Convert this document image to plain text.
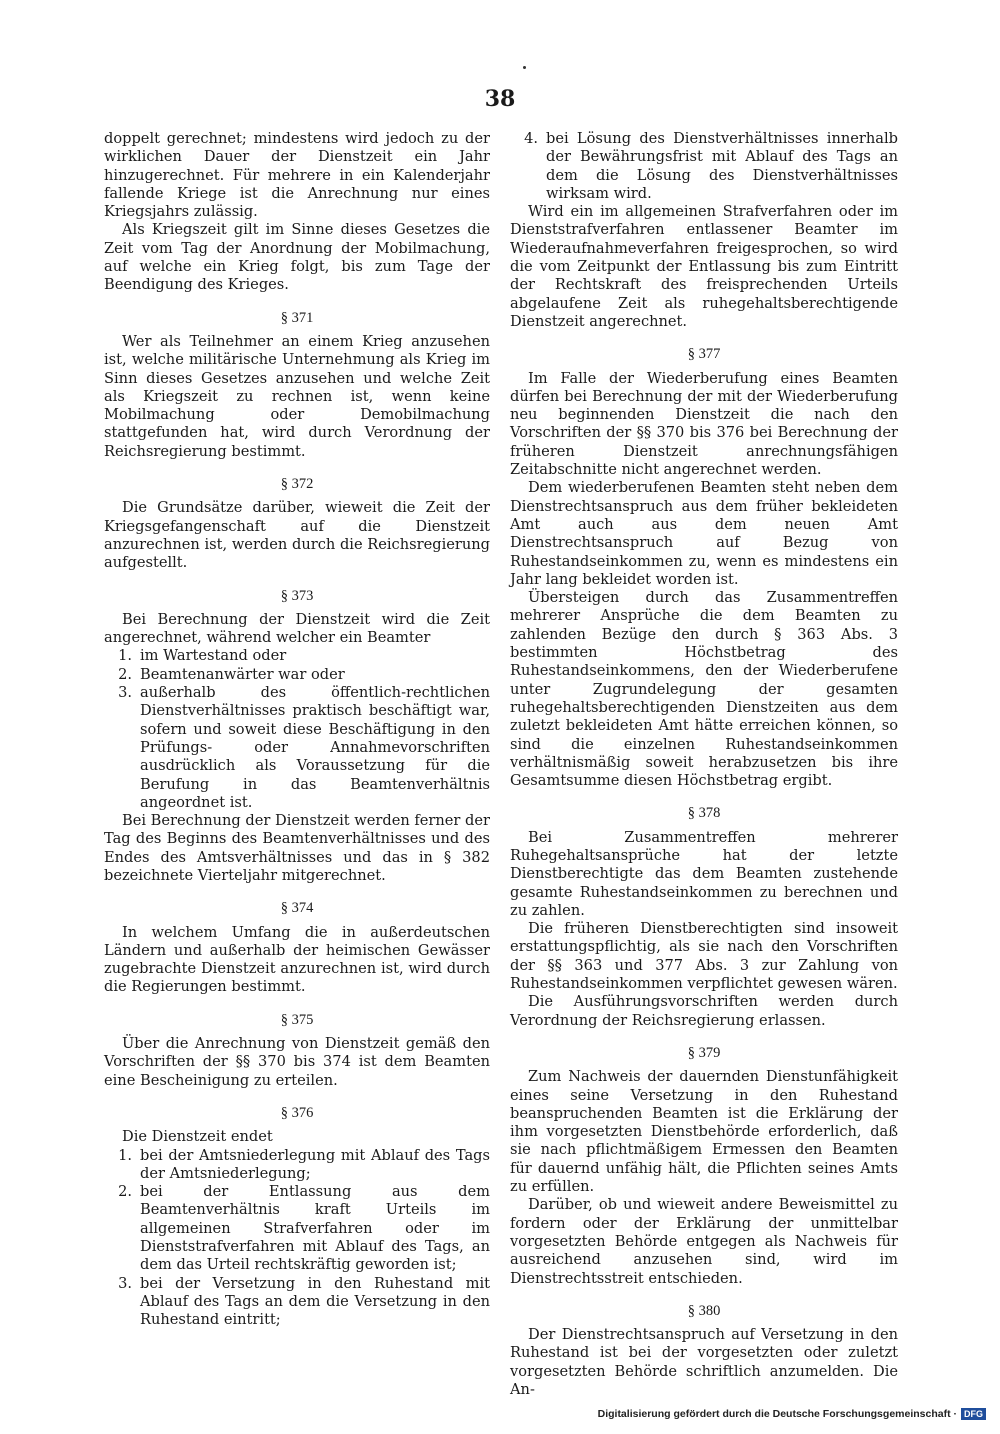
38

doppelt gerechnet; mindestens wird jedoch zu der wirklichen Dauer der Dienstzeit ein Jahr hinzugerechnet. Für mehrere in ein Kalenderjahr fallende Kriege ist die Anrechnung nur eines Kriegsjahrs zulässig.

Als Kriegszeit gilt im Sinne dieses Gesetzes die Zeit vom Tag der Anordnung der Mobilmachung, auf welche ein Krieg folgt, bis zum Tage der Beendigung des Krieges.

§ 371

Wer als Teilnehmer an einem Krieg anzusehen ist, welche militärische Unternehmung als Krieg im Sinn dieses Gesetzes anzusehen und welche Zeit als Kriegszeit zu rechnen ist, wenn keine Mobilmachung oder Demobilmachung stattgefunden hat, wird durch Verordnung der Reichsregierung bestimmt.

§ 372

Die Grundsätze darüber, wieweit die Zeit der Kriegsgefangenschaft auf die Dienstzeit anzurechnen ist, werden durch die Reichsregierung aufgestellt.

§ 373

Bei Berechnung der Dienstzeit wird die Zeit angerechnet, während welcher ein Beamter

1. im Wartestand oder
2. Beamtenanwärter war oder
3. außerhalb des öffentlich-rechtlichen Dienstverhältnisses praktisch beschäftigt war, sofern und soweit diese Beschäftigung in den Prüfungs- oder Annahmevorschriften ausdrücklich als Voraussetzung für die Berufung in das Beamtenverhältnis angeordnet ist.

Bei Berechnung der Dienstzeit werden ferner der Tag des Beginns des Beamtenverhältnisses und des Endes des Amtsverhältnisses und das in § 382 bezeichnete Vierteljahr mitgerechnet.

§ 374

In welchem Umfang die in außerdeutschen Ländern und außerhalb der heimischen Gewässer zugebrachte Dienstzeit anzurechnen ist, wird durch die Regierungen bestimmt.

§ 375

Über die Anrechnung von Dienstzeit gemäß den Vorschriften der §§ 370 bis 374 ist dem Beamten eine Bescheinigung zu erteilen.

§ 376

Die Dienstzeit endet

1. bei der Amtsniederlegung mit Ablauf des Tags der Amtsniederlegung;
2. bei der Entlassung aus dem Beamtenverhältnis kraft Urteils im allgemeinen Strafverfahren oder im Dienststrafverfahren mit Ablauf des Tags, an dem das Urteil rechtskräftig geworden ist;
3. bei der Versetzung in den Ruhestand mit Ablauf des Tags an dem die Versetzung in den Ruhestand eintritt;
4. bei Lösung des Dienstverhältnisses innerhalb der Bewährungsfrist mit Ablauf des Tags an dem die Lösung des Dienstverhältnisses wirksam wird.

Wird ein im allgemeinen Strafverfahren oder im Dienststrafverfahren entlassener Beamter im Wiederaufnahmeverfahren freigesprochen, so wird die vom Zeitpunkt der Entlassung bis zum Eintritt der Rechtskraft des freisprechenden Urteils abgelaufene Zeit als ruhegehaltsberechtigende Dienstzeit angerechnet.

§ 377

Im Falle der Wiederberufung eines Beamten dürfen bei Berechnung der mit der Wiederberufung neu beginnenden Dienstzeit die nach den Vorschriften der §§ 370 bis 376 bei Berechnung der früheren Dienstzeit anrechnungsfähigen Zeitabschnitte nicht angerechnet werden.

Dem wiederberufenen Beamten steht neben dem Dienstrechtsanspruch aus dem früher bekleideten Amt auch aus dem neuen Amt Dienstrechtsanspruch auf Bezug von Ruhestandseinkommen zu, wenn es mindestens ein Jahr lang bekleidet worden ist.

Übersteigen durch das Zusammentreffen mehrerer Ansprüche die dem Beamten zu zahlenden Bezüge den durch § 363 Abs. 3 bestimmten Höchstbetrag des Ruhestandseinkommens, den der Wiederberufene unter Zugrundelegung der gesamten ruhegehaltsberechtigenden Dienstzeiten aus dem zuletzt bekleideten Amt hätte erreichen können, so sind die einzelnen Ruhestandseinkommen verhältnismäßig soweit herabzusetzen bis ihre Gesamtsumme diesen Höchstbetrag ergibt.

§ 378

Bei Zusammentreffen mehrerer Ruhegehaltsansprüche hat der letzte Dienstberechtigte das dem Beamten zustehende gesamte Ruhestandseinkommen zu berechnen und zu zahlen.

Die früheren Dienstberechtigten sind insoweit erstattungspflichtig, als sie nach den Vorschriften der §§ 363 und 377 Abs. 3 zur Zahlung von Ruhestandseinkommen verpflichtet gewesen wären.

Die Ausführungsvorschriften werden durch Verordnung der Reichsregierung erlassen.

§ 379

Zum Nachweis der dauernden Dienstunfähigkeit eines seine Versetzung in den Ruhestand beanspruchenden Beamten ist die Erklärung der ihm vorgesetzten Dienstbehörde erforderlich, daß sie nach pflichtmäßigem Ermessen den Beamten für dauernd unfähig hält, die Pflichten seines Amts zu erfüllen.

Darüber, ob und wieweit andere Beweismittel zu fordern oder der Erklärung der unmittelbar vorgesetzten Behörde entgegen als Nachweis für ausreichend anzusehen sind, wird im Dienstrechtsstreit entschieden.

§ 380

Der Dienstrechtsanspruch auf Versetzung in den Ruhestand ist bei der vorgesetzten oder zuletzt vorgesetzten Behörde schriftlich anzumelden. Die An-

Digitalisierung gefördert durch die Deutsche Forschungsgemeinschaft · DFG
